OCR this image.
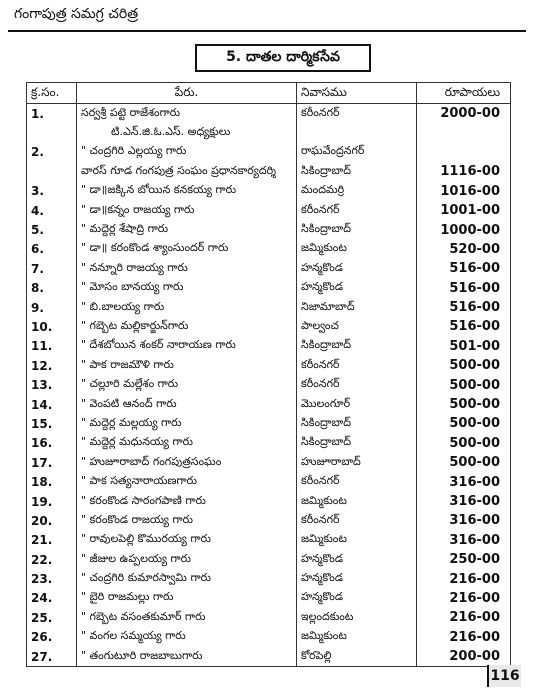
గంగాపుత్ర సమగ్ర చరిత్ర
5. దాతల దార్మికసేవ
క్ర.సం.	పేరు.	నివాసము	రూపాయలు
1.	సర్వశ్రీ పట్టె రాజేశంగారు	కరీంనగర్	2000-00
	టి.ఎన్.జి.ఓ.ఎస్. అధ్యక్షులు		
2.	" చంద్రగిరి ఎల్లయ్య గారు	రాఘవేంద్రనగర్	
	వారస్ గూడ గంగపుత్ర సంఘం ప్రధానకార్యదర్శి	సికింద్రాబాద్	1116-00
3.	" డా॥జక్కిన బోయిన కనకయ్య గారు	మందమర్రి	1016-00
4.	" డా॥కన్నం రాజయ్య గారు	కరీంనగర్	1001-00
5.	" మద్దెర్ల శేషాద్రి గారు	సికింద్రాబాద్	1000-00
6.	" డా॥ కరంకొండ శ్యాంసుందర్ గారు	జమ్మికుంట	520-00
7.	" నన్నూరి రాజయ్య గారు	హన్మకొండ	516-00
8.	" మోసం బానయ్య గారు	హన్మకొండ	516-00
9.	" బి.బాలయ్య గారు	నిజామాబాద్	516-00
10.	" గబ్బెట మల్లికార్జున్‌గారు	పాల్వంచ	516-00
11.	" దేశబోయిన శంకర్ నారాయణ గారు	సికింద్రాబాద్	501-00
12.	" పాక రాజమౌళి గారు	కరీంనగర్	500-00
13.	" చల్లూరి మల్లేశం గారు	కరీంనగర్	500-00
14.	" వెంపటి ఆనంద్ గారు	మొలంగూర్	500-00
15.	" మద్దెర్ల మల్లయ్య గారు	సికింద్రాబాద్	500-00
16.	" మద్దెర్ల మధునయ్య గారు	సికింద్రాబాద్	500-00
17.	" హుజూరాబాద్ గంగపుత్రసంఘం	హుజూరాబాద్	500-00
18.	" పాక సత్యనారాయణగారు	కరీంనగర్	316-00
19.	" కరంకొండ సారంగపాణి గారు	జమ్మికుంట	316-00
20.	" కరంకొండ రాజయ్య గారు	కరీంనగర్	316-00
21.	" రావులపెల్లి కొమురయ్య గారు	జమ్మికుంట	316-00
22.	" జీజుల ఉప్పలయ్య గారు	హన్మకొండ	250-00
23.	" చంద్రగిరి కుమారస్వామి గారు	హన్మకొండ	216-00
24.	" బైరి రాజమల్లు గారు	హన్మకొండ	216-00
25.	" గబ్బెట వసంతకుమార్ గారు	ఇల్లందకుంట	216-00
26.	" వంగల సమ్మయ్య గారు	జమ్మికుంట	216-00
27.	" తంగుటూరి రాజబాబుగారు	కోరపెల్లి	200-00
116
